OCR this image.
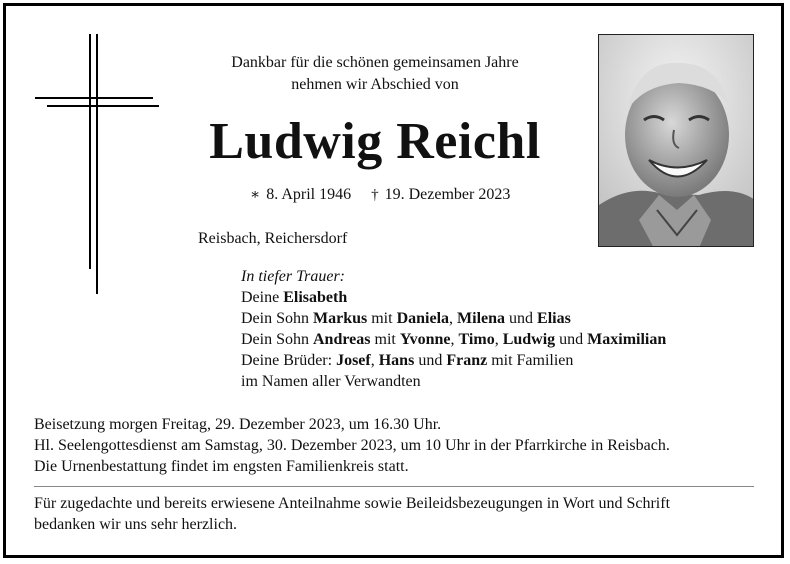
Dankbar für die schönen gemeinsamen Jahre
nehmen wir Abschied von
Ludwig Reichl
∗ 8. April 1946 † 19. Dezember 2023
Reisbach, Reichersdorf
In tiefer Trauer:
Deine Elisabeth
Dein Sohn Markus mit Daniela, Milena und Elias
Dein Sohn Andreas mit Yvonne, Timo, Ludwig und Maximilian
Deine Brüder: Josef, Hans und Franz mit Familien
im Namen aller Verwandten
Beisetzung morgen Freitag, 29. Dezember 2023, um 16.30 Uhr.
Hl. Seelengottesdienst am Samstag, 30. Dezember 2023, um 10 Uhr in der Pfarrkirche in Reisbach.
Die Urnenbestattung findet im engsten Familienkreis statt.
Für zugedachte und bereits erwiesene Anteilnahme sowie Beileidsbezeugungen in Wort und Schrift
bedanken wir uns sehr herzlich.
